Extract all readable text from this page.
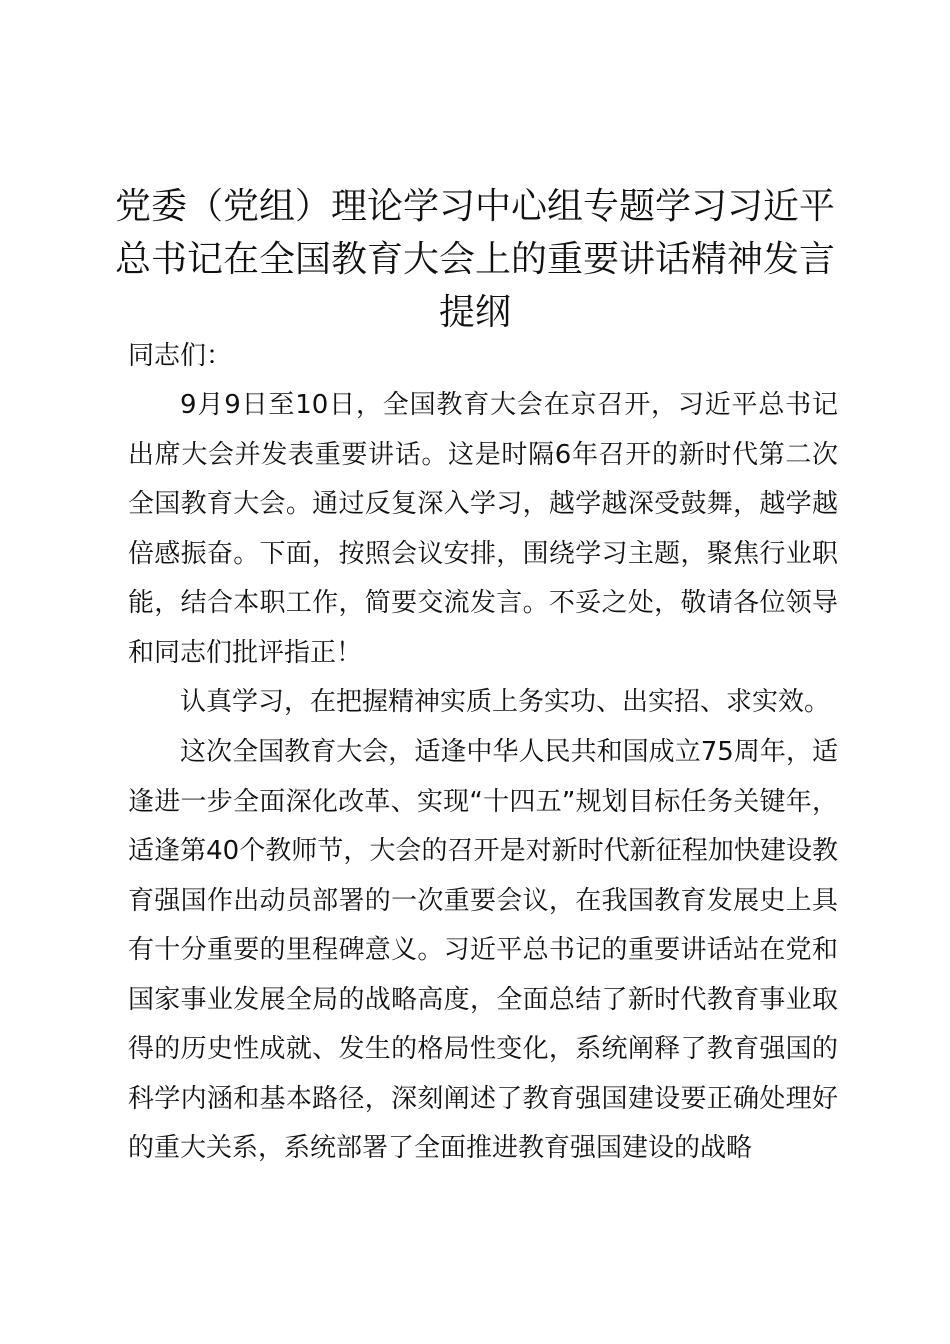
党委（党组）理论学习中心组专题学习习近平总书记在全国教育大会上的重要讲话精神发言提纲

同志们：

9月9日至10日，全国教育大会在京召开，习近平总书记出席大会并发表重要讲话。这是时隔6年召开的新时代第二次全国教育大会。通过反复深入学习，越学越深受鼓舞，越学越倍感振奋。下面，按照会议安排，围绕学习主题，聚焦行业职能，结合本职工作，简要交流发言。不妥之处，敬请各位领导和同志们批评指正！

认真学习，在把握精神实质上务实功、出实招、求实效。

这次全国教育大会，适逢中华人民共和国成立75周年，适逢进一步全面深化改革、实现“十四五”规划目标任务关键年，适逢第40个教师节，大会的召开是对新时代新征程加快建设教育强国作出动员部署的一次重要会议，在我国教育发展史上具有十分重要的里程碑意义。习近平总书记的重要讲话站在党和国家事业发展全局的战略高度，全面总结了新时代教育事业取得的历史性成就、发生的格局性变化，系统阐释了教育强国的科学内涵和基本路径，深刻阐述了教育强国建设要正确处理好的重大关系，系统部署了全面推进教育强国建设的战略
